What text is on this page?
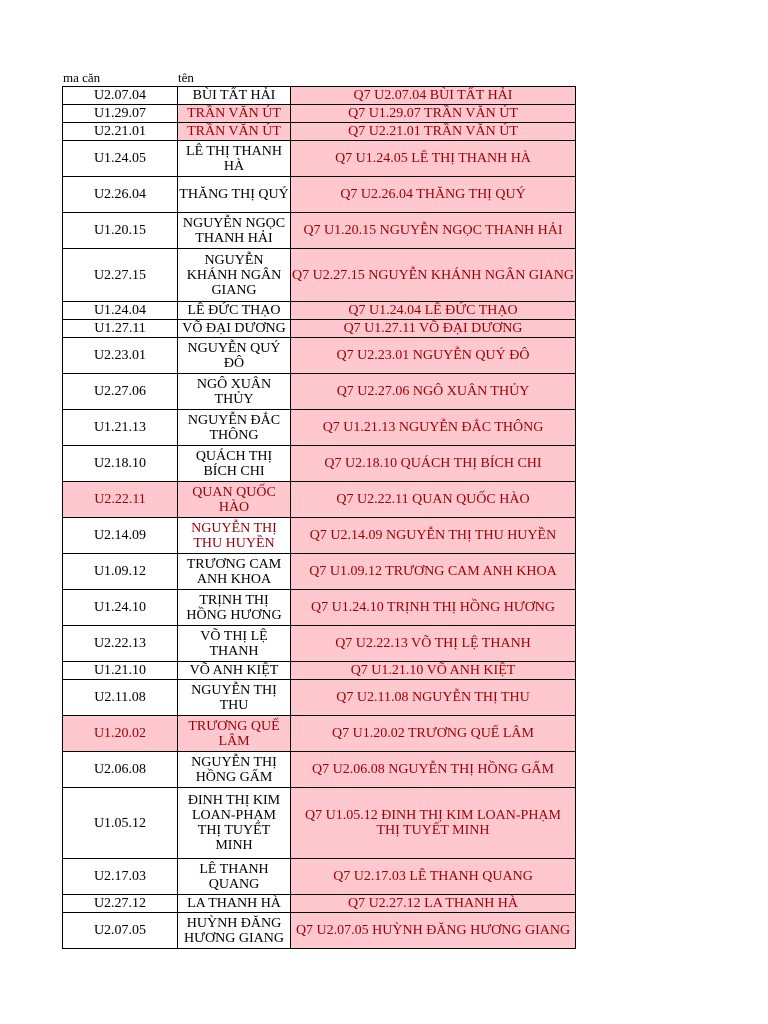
ma căn	tên
U2.07.04	BÙI TẤT HẢI	Q7 U2.07.04 BÙI TẤT HẢI
U1.29.07	TRẦN VĂN ÚT	Q7 U1.29.07 TRẦN VĂN ÚT
U2.21.01	TRẦN VĂN ÚT	Q7 U2.21.01 TRẦN VĂN ÚT
U1.24.05	LÊ THỊ THANH HÀ	Q7 U1.24.05 LÊ THỊ THANH HÀ
U2.26.04	THĂNG THỊ QUÝ	Q7 U2.26.04 THĂNG THỊ QUÝ
U1.20.15	NGUYỄN NGỌC THANH HẢI	Q7 U1.20.15 NGUYỄN NGỌC THANH HẢI
U2.27.15	NGUYỄN KHÁNH NGÂN GIANG	Q7 U2.27.15 NGUYỄN KHÁNH NGÂN GIANG
U1.24.04	LÊ ĐỨC THẠO	Q7 U1.24.04 LÊ ĐỨC THẠO
U1.27.11	VÕ ĐẠI DƯƠNG	Q7 U1.27.11 VÕ ĐẠI DƯƠNG
U2.23.01	NGUYỄN QUÝ ĐÔ	Q7 U2.23.01 NGUYỄN QUÝ ĐÔ
U2.27.06	NGÔ XUÂN THỦY	Q7 U2.27.06 NGÔ XUÂN THỦY
U1.21.13	NGUYỄN ĐẮC THÔNG	Q7 U1.21.13 NGUYỄN ĐẮC THÔNG
U2.18.10	QUÁCH THỊ BÍCH CHI	Q7 U2.18.10 QUÁCH THỊ BÍCH CHI
U2.22.11	QUAN QUỐC HÀO	Q7 U2.22.11 QUAN QUỐC HÀO
U2.14.09	NGUYỄN THỊ THU HUYỀN	Q7 U2.14.09 NGUYỄN THỊ THU HUYỀN
U1.09.12	TRƯƠNG CAM ANH KHOA	Q7 U1.09.12 TRƯƠNG CAM ANH KHOA
U1.24.10	TRỊNH THỊ HỒNG HƯƠNG	Q7 U1.24.10 TRỊNH THỊ HỒNG HƯƠNG
U2.22.13	VÕ THỊ LỆ THANH	Q7 U2.22.13 VÕ THỊ LỆ THANH
U1.21.10	VÕ ANH KIỆT	Q7 U1.21.10 VÕ ANH KIỆT
U2.11.08	NGUYỄN THỊ THU	Q7 U2.11.08 NGUYỄN THỊ THU
U1.20.02	TRƯƠNG QUẾ LÂM	Q7 U1.20.02 TRƯƠNG QUẾ LÂM
U2.06.08	NGUYỄN THỊ HỒNG GẤM	Q7 U2.06.08 NGUYỄN THỊ HỒNG GẤM
U1.05.12	ĐINH THỊ KIM LOAN-PHẠM THỊ TUYẾT MINH	Q7 U1.05.12 ĐINH THỊ KIM LOAN-PHẠM THỊ TUYẾT MINH
U2.17.03	LÊ THANH QUANG	Q7 U2.17.03 LÊ THANH QUANG
U2.27.12	LA THANH HÀ	Q7 U2.27.12 LA THANH HÀ
U2.07.05	HUỲNH ĐĂNG HƯƠNG GIANG	Q7 U2.07.05 HUỲNH ĐĂNG HƯƠNG GIANG
